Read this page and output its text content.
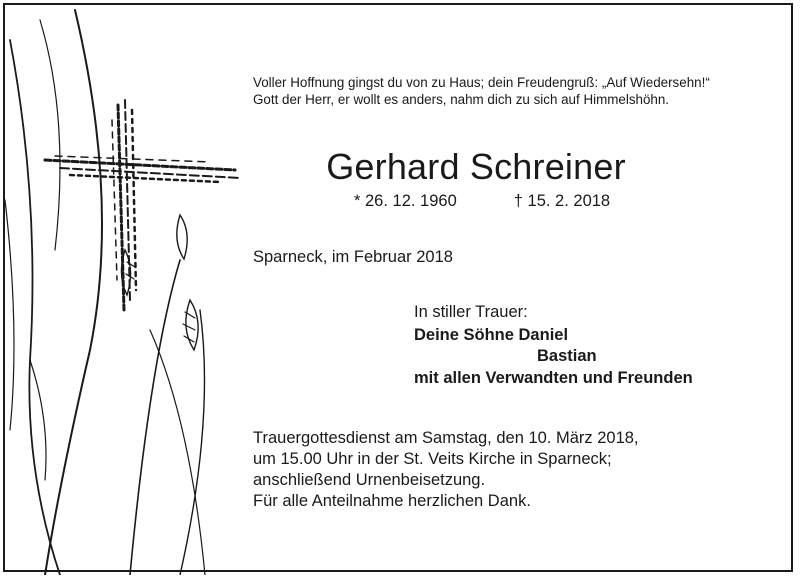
Voller Hoffnung gingst du von zu Haus; dein Freudengruß: „Auf Wiedersehn!“
Gott der Herr, er wollt es anders, nahm dich zu sich auf Himmelshöhn.

Gerhard Schreiner
* 26. 12. 1960	† 15. 2. 2018

Sparneck, im Februar 2018

In stiller Trauer:
Deine Söhne Daniel
Bastian
mit allen Verwandten und Freunden

Trauergottesdienst am Samstag, den 10. März 2018,
um 15.00 Uhr in der St. Veits Kirche in Sparneck;
anschließend Urnenbeisetzung.

Für alle Anteilnahme herzlichen Dank.
